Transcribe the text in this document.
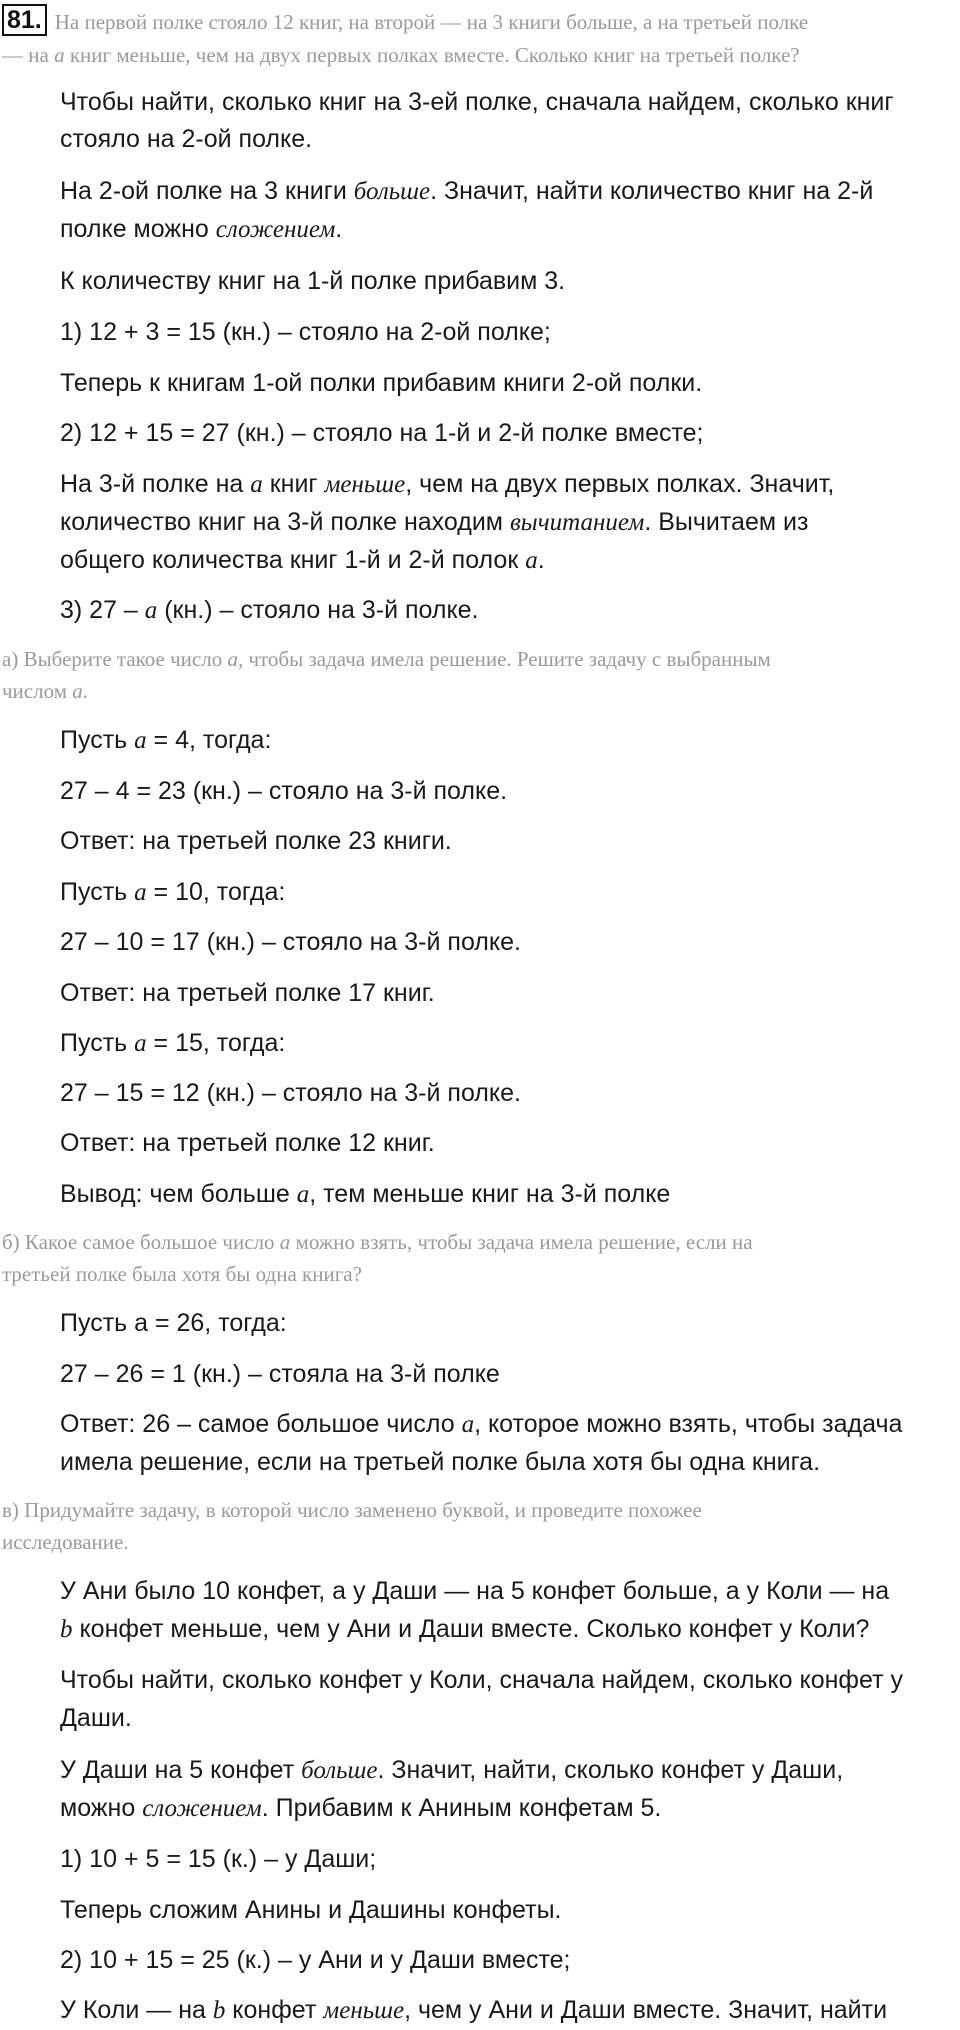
81. На первой полке стояло 12 книг, на второй — на 3 книги больше, а на третьей полке
— на a книг меньше, чем на двух первых полках вместе. Сколько книг на третьей полке?
Чтобы найти, сколько книг на 3-ей полке, сначала найдем, сколько книг
стояло на 2-ой полке.
На 2-ой полке на 3 книги больше. Значит, найти количество книг на 2-й
полке можно сложением.
К количеству книг на 1-й полке прибавим 3.
1) 12 + 3 = 15 (кн.) – стояло на 2-ой полке;
Теперь к книгам 1-ой полки прибавим книги 2-ой полки.
2) 12 + 15 = 27 (кн.) – стояло на 1-й и 2-й полке вместе;
На 3-й полке на a книг меньше, чем на двух первых полках. Значит,
количество книг на 3-й полке находим вычитанием. Вычитаем из
общего количества книг 1-й и 2-й полок a.
3) 27 – a (кн.) – стояло на 3-й полке.
а) Выберите такое число a, чтобы задача имела решение. Решите задачу с выбранным
числом a.
Пусть a = 4, тогда:
27 – 4 = 23 (кн.) – стояло на 3-й полке.
Ответ: на третьей полке 23 книги.
Пусть a = 10, тогда:
27 – 10 = 17 (кн.) – стояло на 3-й полке.
Ответ: на третьей полке 17 книг.
Пусть a = 15, тогда:
27 – 15 = 12 (кн.) – стояло на 3-й полке.
Ответ: на третьей полке 12 книг.
Вывод: чем больше a, тем меньше книг на 3-й полке
б) Какое самое большое число a можно взять, чтобы задача имела решение, если на
третьей полке была хотя бы одна книга?
Пусть а = 26, тогда:
27 – 26 = 1 (кн.) – стояла на 3-й полке
Ответ: 26 – самое большое число a, которое можно взять, чтобы задача
имела решение, если на третьей полке была хотя бы одна книга.
в) Придумайте задачу, в которой число заменено буквой, и проведите похожее
исследование.
У Ани было 10 конфет, а у Даши — на 5 конфет больше, а у Коли — на
b конфет меньше, чем у Ани и Даши вместе. Сколько конфет у Коли?
Чтобы найти, сколько конфет у Коли, сначала найдем, сколько конфет у
Даши.
У Даши на 5 конфет больше. Значит, найти, сколько конфет у Даши,
можно сложением. Прибавим к Аниным конфетам 5.
1) 10 + 5 = 15 (к.) – у Даши;
Теперь сложим Анины и Дашины конфеты.
2) 10 + 15 = 25 (к.) – у Ани и у Даши вместе;
У Коли — на b конфет меньше, чем у Ани и Даши вместе. Значит, найти
